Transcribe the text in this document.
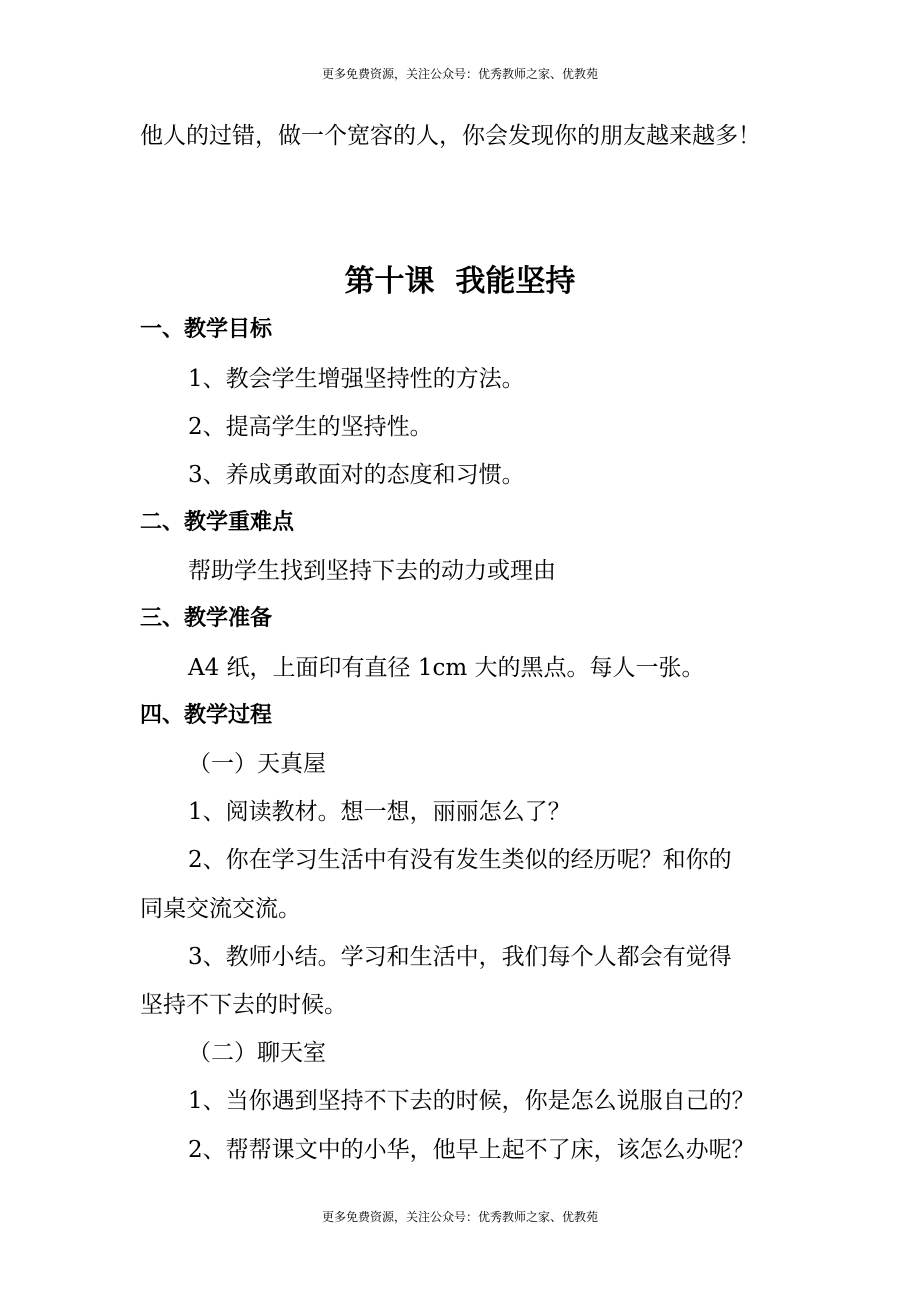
更多免费资源，关注公众号：优秀教师之家、优教苑
他人的过错，做一个宽容的人，你会发现你的朋友越来越多！
第十课  我能坚持
一、教学目标
1、教会学生增强坚持性的方法。
2、提高学生的坚持性。
3、养成勇敢面对的态度和习惯。
二、教学重难点
帮助学生找到坚持下去的动力或理由
三、教学准备
A4 纸，上面印有直径 1cm 大的黑点。每人一张。
四、教学过程
（一）天真屋
1、阅读教材。想一想，丽丽怎么了？
2、你在学习生活中有没有发生类似的经历呢？和你的
同桌交流交流。
3、教师小结。学习和生活中，我们每个人都会有觉得
坚持不下去的时候。
（二）聊天室
1、当你遇到坚持不下去的时候，你是怎么说服自己的？
2、帮帮课文中的小华，他早上起不了床，该怎么办呢？
更多免费资源，关注公众号：优秀教师之家、优教苑
